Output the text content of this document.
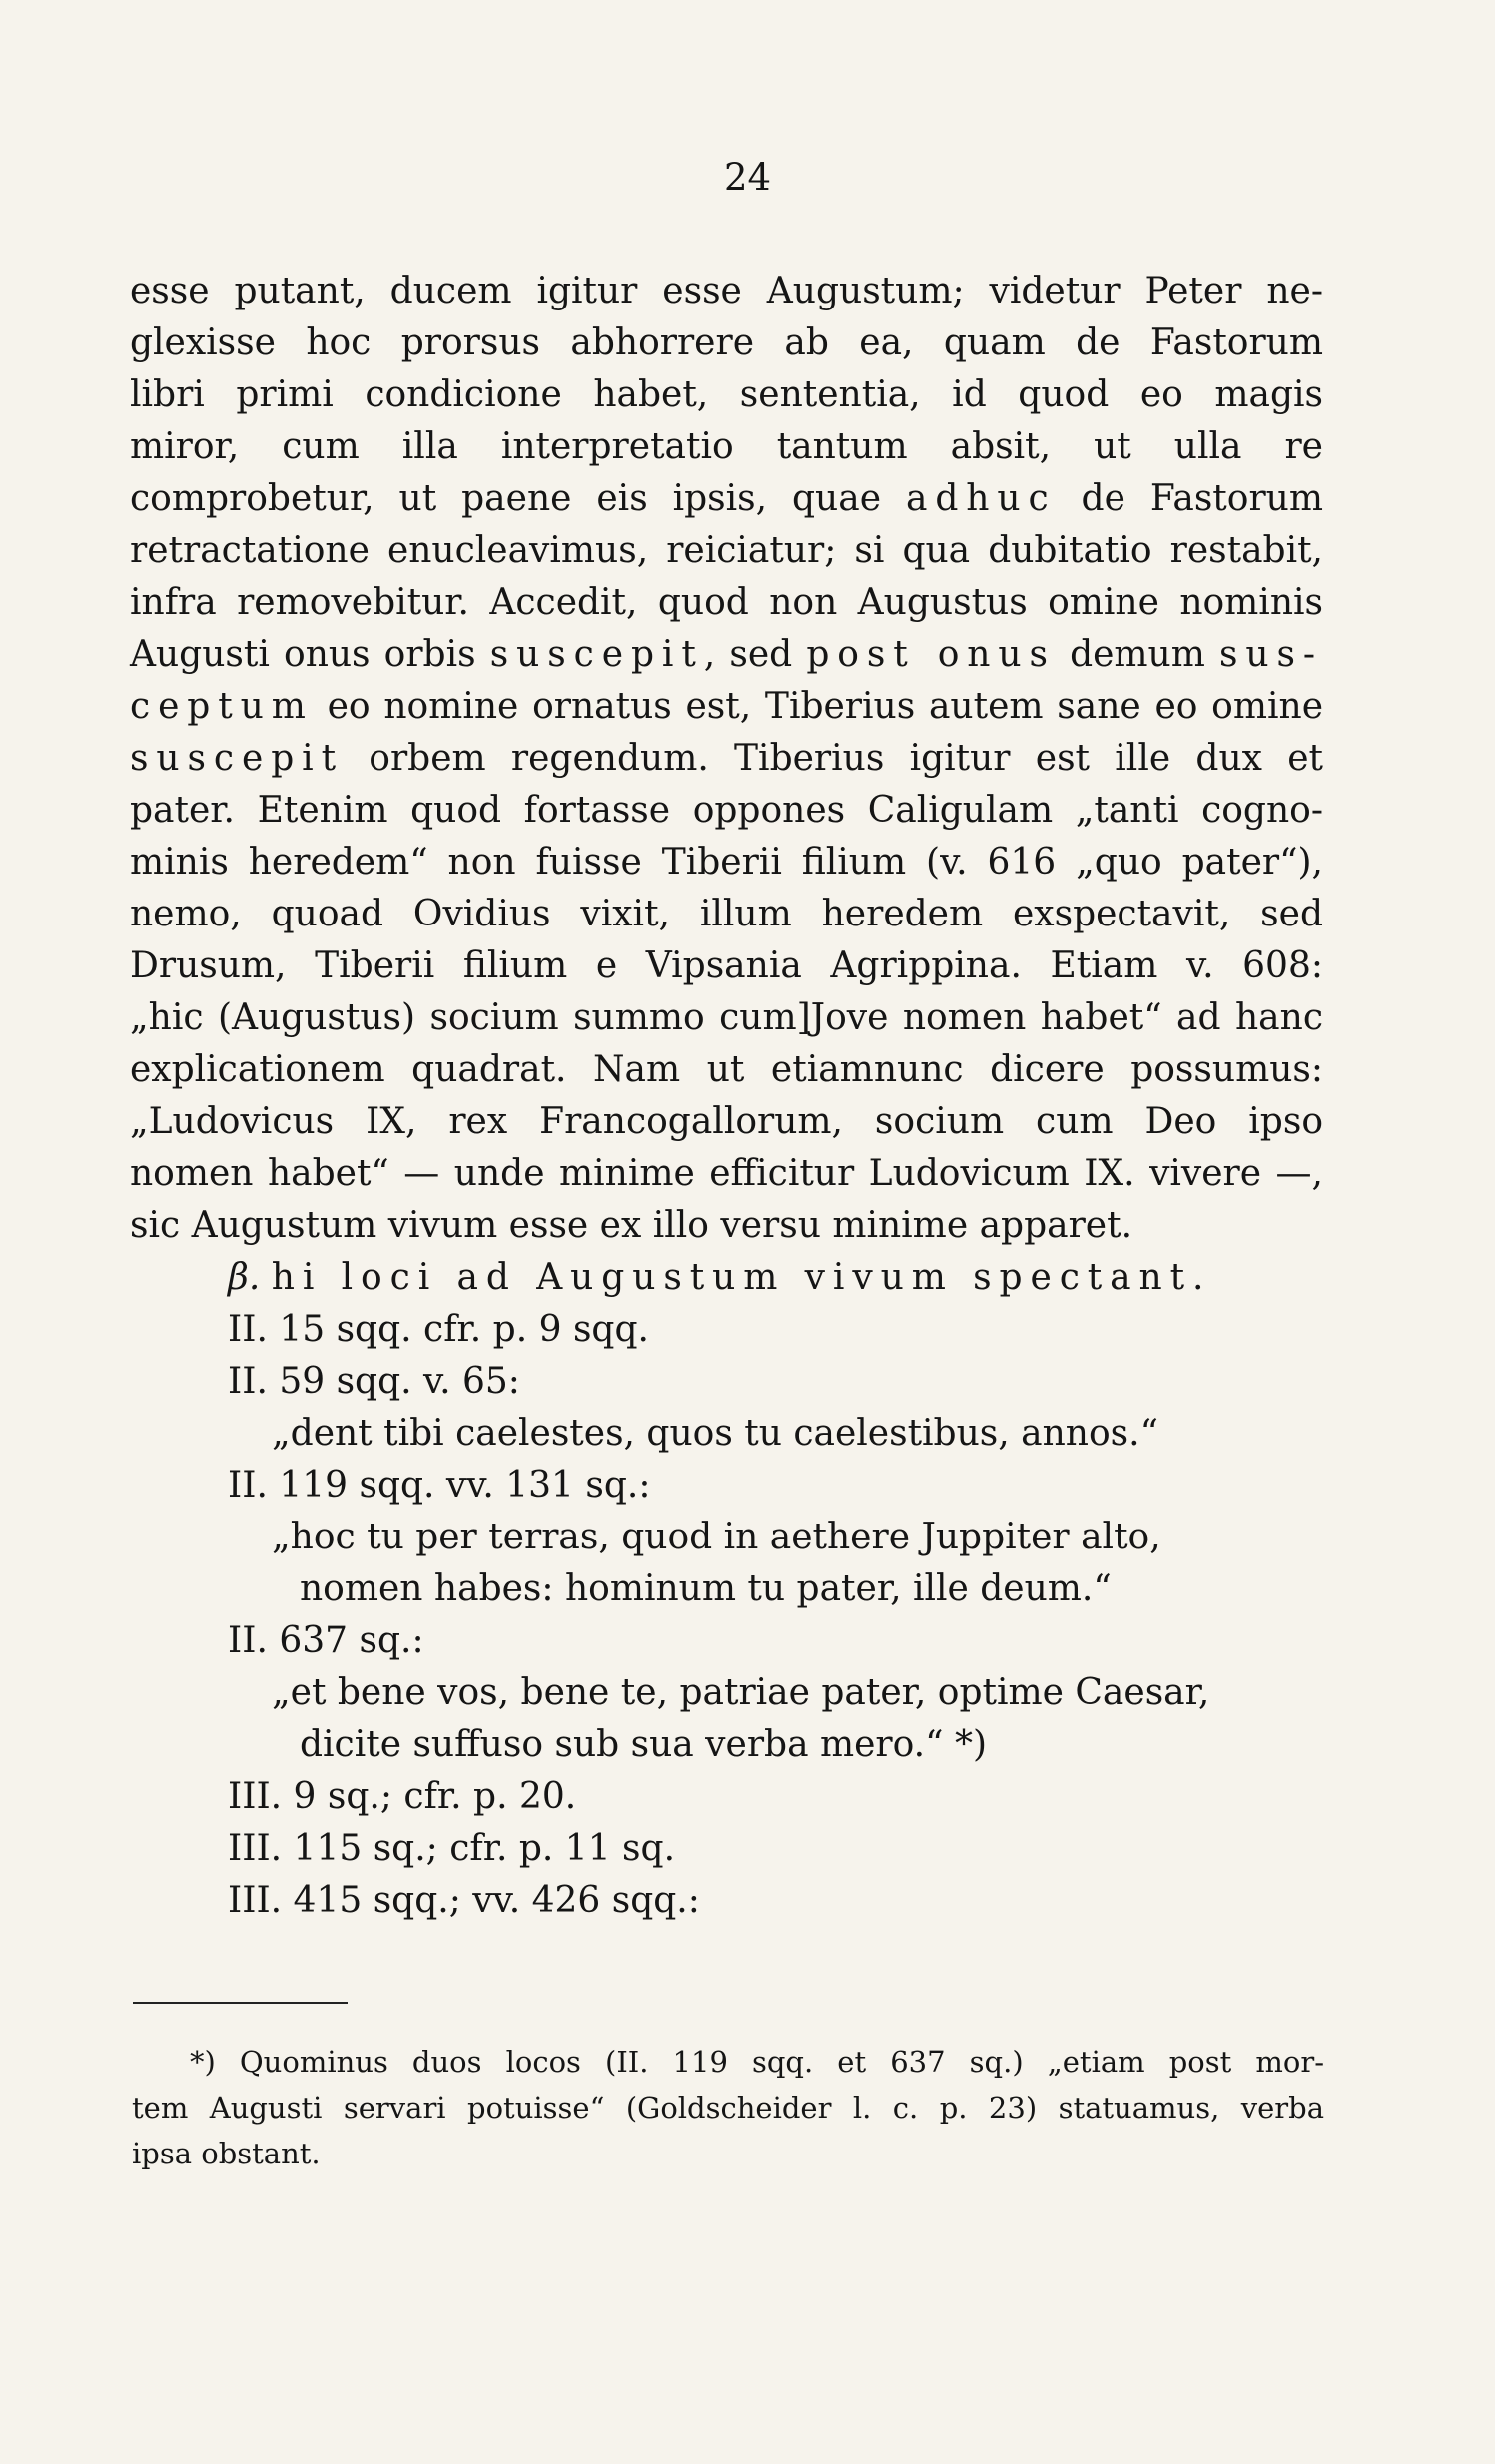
24
esse putant, ducem igitur esse Augustum; videtur Peter ne-
glexisse hoc prorsus abhorrere ab ea, quam de Fastorum
libri primi condicione habet, sententia, id quod eo magis
miror, cum illa interpretatio tantum absit, ut ulla re
comprobetur, ut paene eis ipsis, quae adhuc de Fastorum
retractatione enucleavimus, reiciatur; si qua dubitatio restabit,
infra removebitur. Accedit, quod non Augustus omine nominis
Augusti onus orbis suscepit, sed post onus demum sus-
ceptum eo nomine ornatus est, Tiberius autem sane eo omine
suscepit orbem regendum. Tiberius igitur est ille dux et
pater. Etenim quod fortasse oppones Caligulam „tanti cogno-
minis heredem“ non fuisse Tiberii filium (v. 616 „quo pater“),
nemo, quoad Ovidius vixit, illum heredem exspectavit, sed
Drusum, Tiberii filium e Vipsania Agrippina. Etiam v. 608:
„hic (Augustus) socium summo cum]Jove nomen habet“ ad hanc
explicationem quadrat. Nam ut etiamnunc dicere possumus:
„Ludovicus IX, rex Francogallorum, socium cum Deo ipso
nomen habet“ — unde minime efficitur Ludovicum IX. vivere —,
sic Augustum vivum esse ex illo versu minime apparet.
β. hi loci ad Augustum vivum spectant.
II. 15 sqq. cfr. p. 9 sqq.
II. 59 sqq. v. 65:
„dent tibi caelestes, quos tu caelestibus, annos.“
II. 119 sqq. vv. 131 sq.:
„hoc tu per terras, quod in aethere Juppiter alto,
nomen habes: hominum tu pater, ille deum.“
II. 637 sq.:
„et bene vos, bene te, patriae pater, optime Caesar,
dicite suffuso sub sua verba mero.“ *)
III. 9 sq.; cfr. p. 20.
III. 115 sq.; cfr. p. 11 sq.
III. 415 sqq.; vv. 426 sqq.:
*) Quominus duos locos (II. 119 sqq. et 637 sq.) „etiam post mor-
tem Augusti servari potuisse“ (Goldscheider l. c. p. 23) statuamus, verba
ipsa obstant.
